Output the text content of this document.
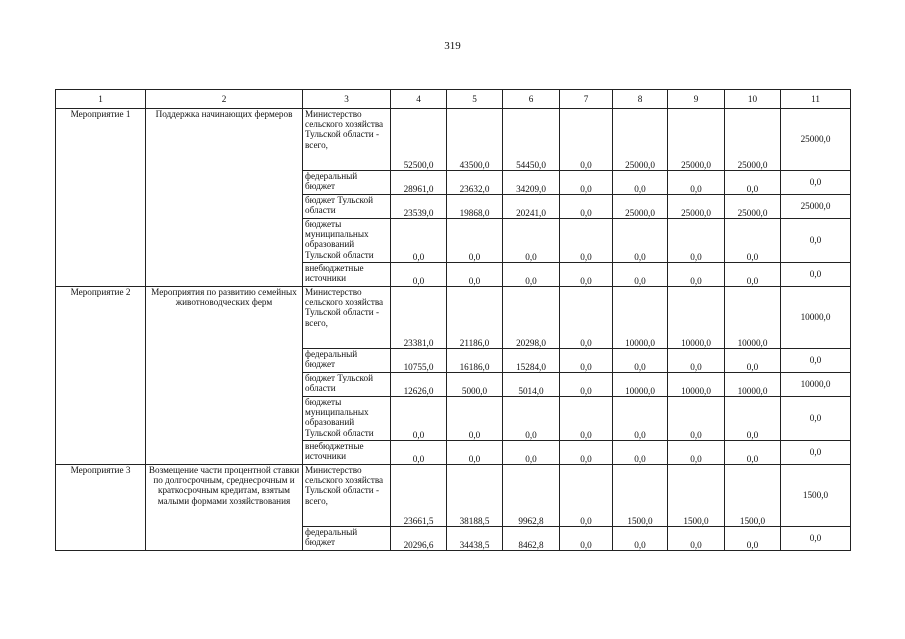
319
1	2	3	4	5	6	7	8	9	10	11
Мероприятие 1	Поддержка начинающих фермеров	Министерство сельского хозяйства Тульской области - всего,	52500,0	43500,0	54450,0	0,0	25000,0	25000,0	25000,0	25000,0
		федеральный бюджет	28961,0	23632,0	34209,0	0,0	0,0	0,0	0,0	0,0
		бюджет Тульской области	23539,0	19868,0	20241,0	0,0	25000,0	25000,0	25000,0	25000,0
		бюджеты муниципальных образований Тульской области	0,0	0,0	0,0	0,0	0,0	0,0	0,0	0,0
		внебюджетные источники	0,0	0,0	0,0	0,0	0,0	0,0	0,0	0,0
Мероприятие 2	Мероприятия по развитию семейных животноводческих ферм	Министерство сельского хозяйства Тульской области - всего,	23381,0	21186,0	20298,0	0,0	10000,0	10000,0	10000,0	10000,0
		федеральный бюджет	10755,0	16186,0	15284,0	0,0	0,0	0,0	0,0	0,0
		бюджет Тульской области	12626,0	5000,0	5014,0	0,0	10000,0	10000,0	10000,0	10000,0
		бюджеты муниципальных образований Тульской области	0,0	0,0	0,0	0,0	0,0	0,0	0,0	0,0
		внебюджетные источники	0,0	0,0	0,0	0,0	0,0	0,0	0,0	0,0
Мероприятие 3	Возмещение части процентной ставки по долгосрочным, среднесрочным и краткосрочным кредитам, взятым малыми формами хозяйствования	Министерство сельского хозяйства Тульской области - всего,	23661,5	38188,5	9962,8	0,0	1500,0	1500,0	1500,0	1500,0
		федеральный бюджет	20296,6	34438,5	8462,8	0,0	0,0	0,0	0,0	0,0
